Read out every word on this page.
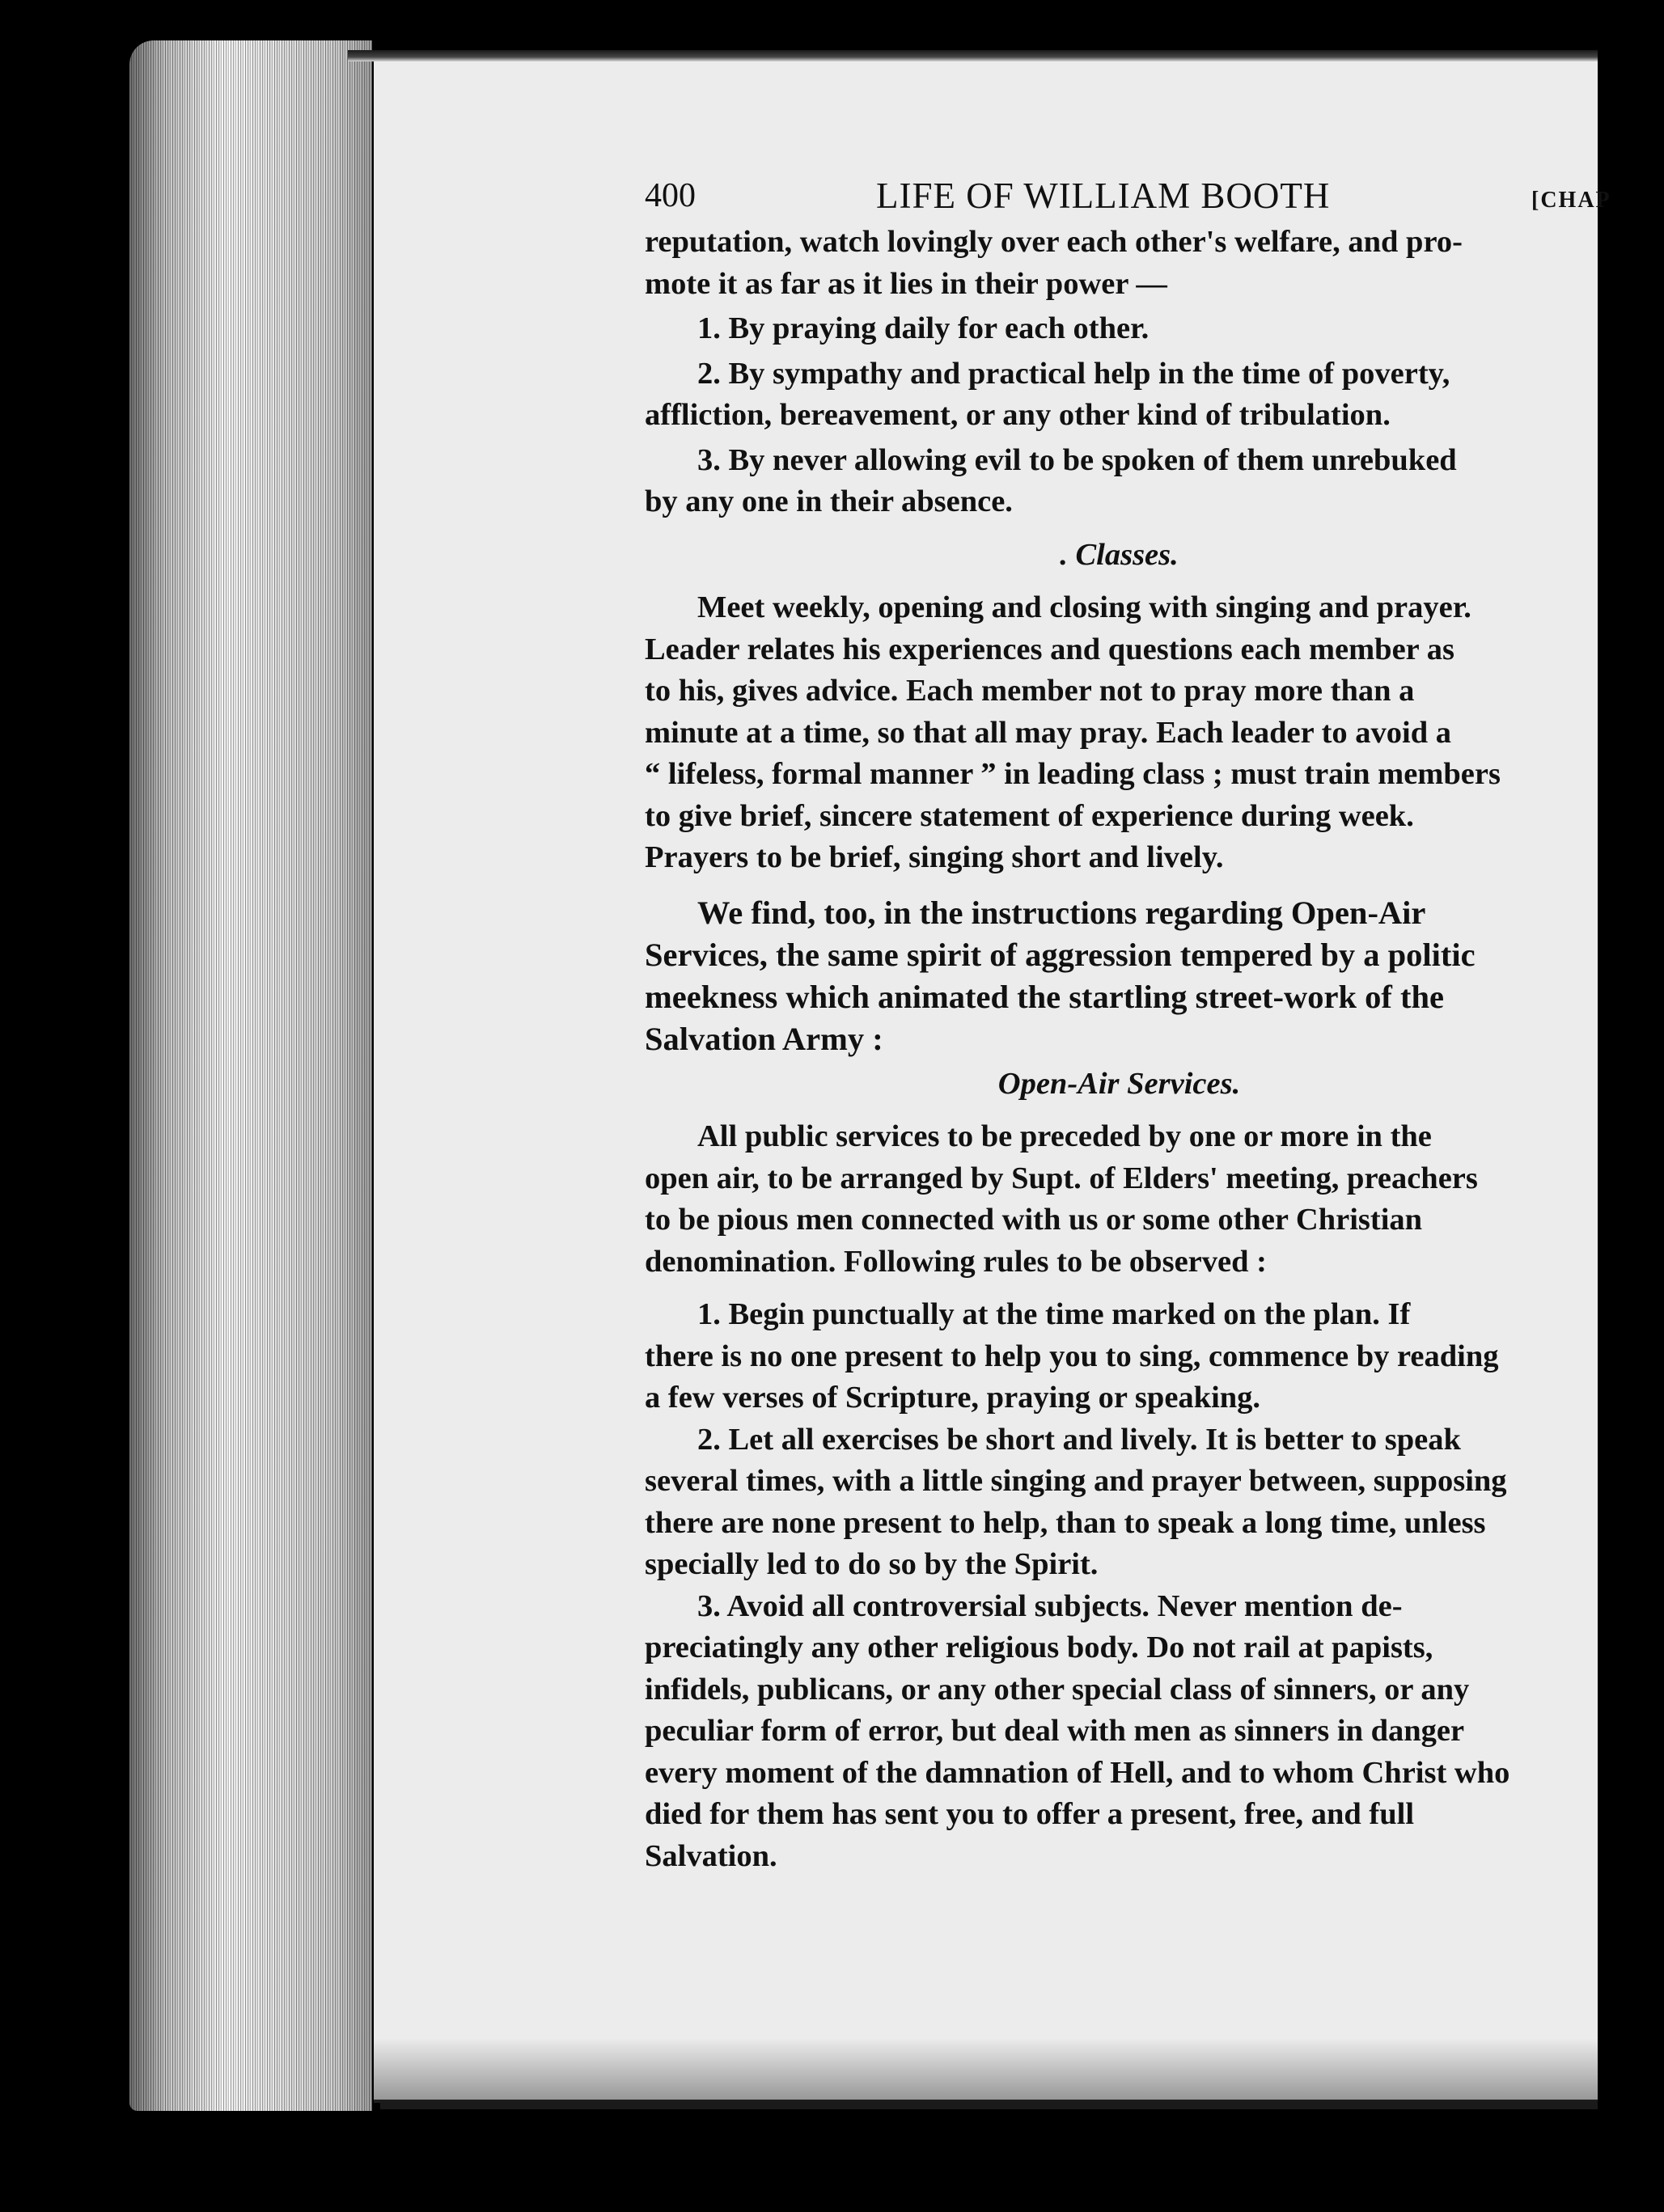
400	LIFE OF WILLIAM BOOTH	[CHAP

reputation, watch lovingly over each other's welfare, and pro-
mote it as far as it lies in their power —

1. By praying daily for each other.

2. By sympathy and practical help in the time of poverty,
affliction, bereavement, or any other kind of tribulation.

3. By never allowing evil to be spoken of them unrebuked
by any one in their absence.

. Classes.

Meet weekly, opening and closing with singing and prayer.
Leader relates his experiences and questions each member as
to his, gives advice. Each member not to pray more than a
minute at a time, so that all may pray. Each leader to avoid a
“ lifeless, formal manner ” in leading class ; must train members
to give brief, sincere statement of experience during week.
Prayers to be brief, singing short and lively.

We find, too, in the instructions regarding Open-Air
Services, the same spirit of aggression tempered by a politic
meekness which animated the startling street-work of the
Salvation Army :

Open-Air Services.

All public services to be preceded by one or more in the
open air, to be arranged by Supt. of Elders' meeting, preachers
to be pious men connected with us or some other Christian
denomination. Following rules to be observed :

1. Begin punctually at the time marked on the plan. If
there is no one present to help you to sing, commence by reading
a few verses of Scripture, praying or speaking.

2. Let all exercises be short and lively. It is better to speak
several times, with a little singing and prayer between, supposing
there are none present to help, than to speak a long time, unless
specially led to do so by the Spirit.

3. Avoid all controversial subjects. Never mention de-
preciatingly any other religious body. Do not rail at papists,
infidels, publicans, or any other special class of sinners, or any
peculiar form of error, but deal with men as sinners in danger
every moment of the damnation of Hell, and to whom Christ who
died for them has sent you to offer a present, free, and full
Salvation.
